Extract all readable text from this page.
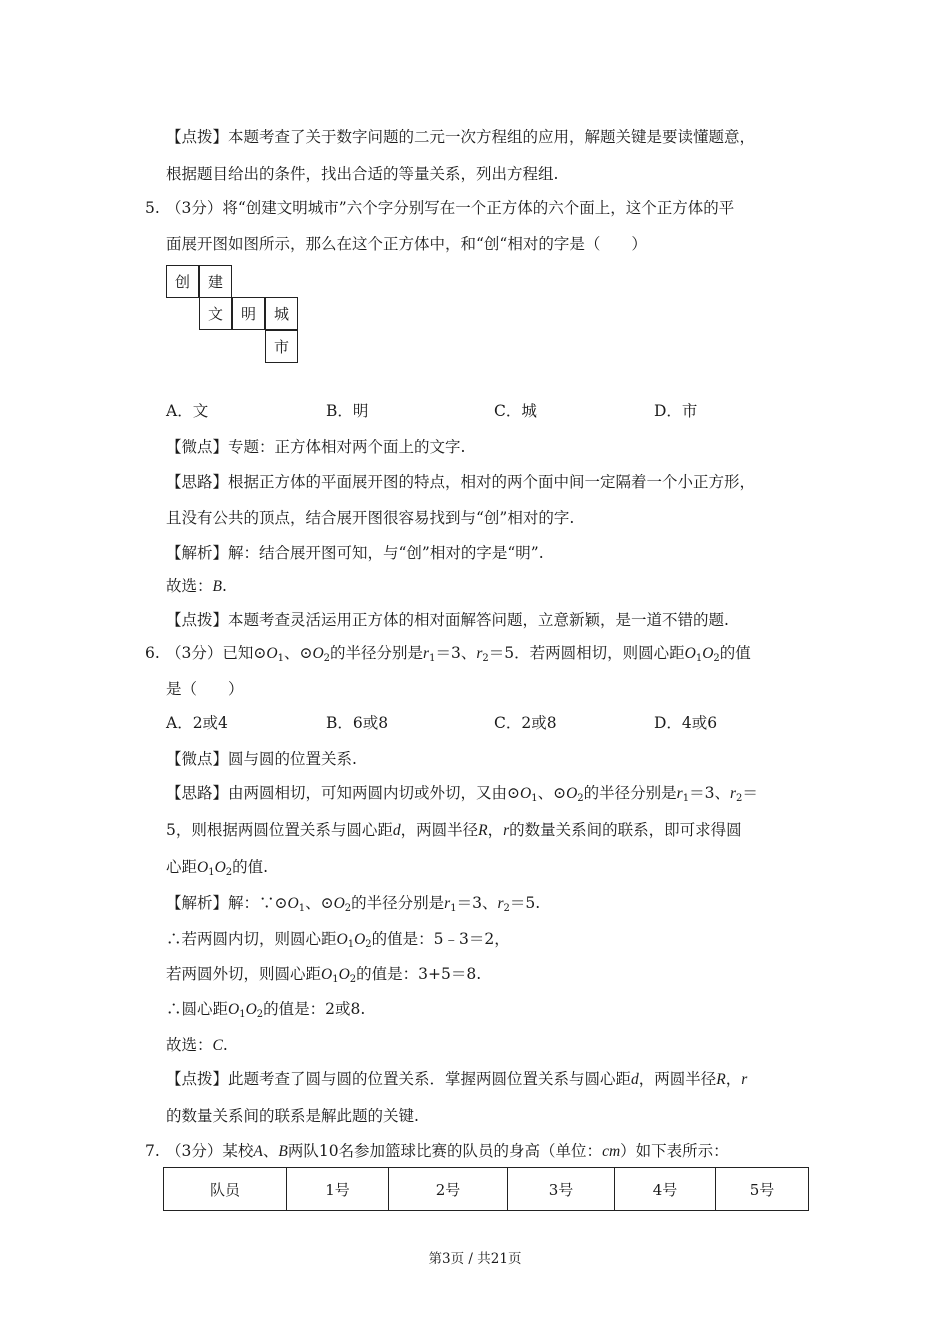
【点拨】本题考查了关于数字问题的二元一次方程组的应用，解题关键是要读懂题意，
根据题目给出的条件，找出合适的等量关系，列出方程组.
5. （3分）将“创建文明城市”六个字分别写在一个正方体的六个面上，这个正方体的平
面展开图如图所示，那么在这个正方体中，和“创“相对的字是（　　）
创	建
文	明	城
市
A．文	B．明	C．城	D．市
【微点】专题：正方体相对两个面上的文字.
【思路】根据正方体的平面展开图的特点，相对的两个面中间一定隔着一个小正方形，
且没有公共的顶点，结合展开图很容易找到与“创”相对的字.
【解析】解：结合展开图可知，与“创”相对的字是“明”.
故选：B.
【点拨】本题考查灵活运用正方体的相对面解答问题，立意新颖，是一道不错的题.
6. （3分）已知$⊙O_1$、$⊙O_2$的半径分别是$r_1=3$、$r_2=5$．若两圆相切，则圆心距$O_1O_2$的值
是（　　）
A．2或4	B．6或8	C．2或8	D．4或6
【微点】圆与圆的位置关系.
【思路】由两圆相切，可知两圆内切或外切，又由$⊙O_1$、$⊙O_2$的半径分别是$r_1=3$、$r_2=$
5，则根据两圆位置关系与圆心距d，两圆半径R，r的数量关系间的联系，即可求得圆
心距$O_1O_2$的值.
【解析】解：$\because⊙O_1$、$⊙O_2$的半径分别是$r_1=3$、$r_2=5$.
∴若两圆内切，则圆心距$O_1O_2$的值是：5﹣3＝2，
若两圆外切，则圆心距$O_1O_2$的值是：3+5＝8.
∴圆心距$O_1O_2$的值是：2或8.
故选：C.
【点拨】此题考查了圆与圆的位置关系．掌握两圆位置关系与圆心距d，两圆半径R，r
的数量关系间的联系是解此题的关键.
7. （3分）某校A、B两队10名参加篮球比赛的队员的身高（单位：cm）如下表所示：
队员	1号	2号	3号	4号	5号
第3页 / 共21页
